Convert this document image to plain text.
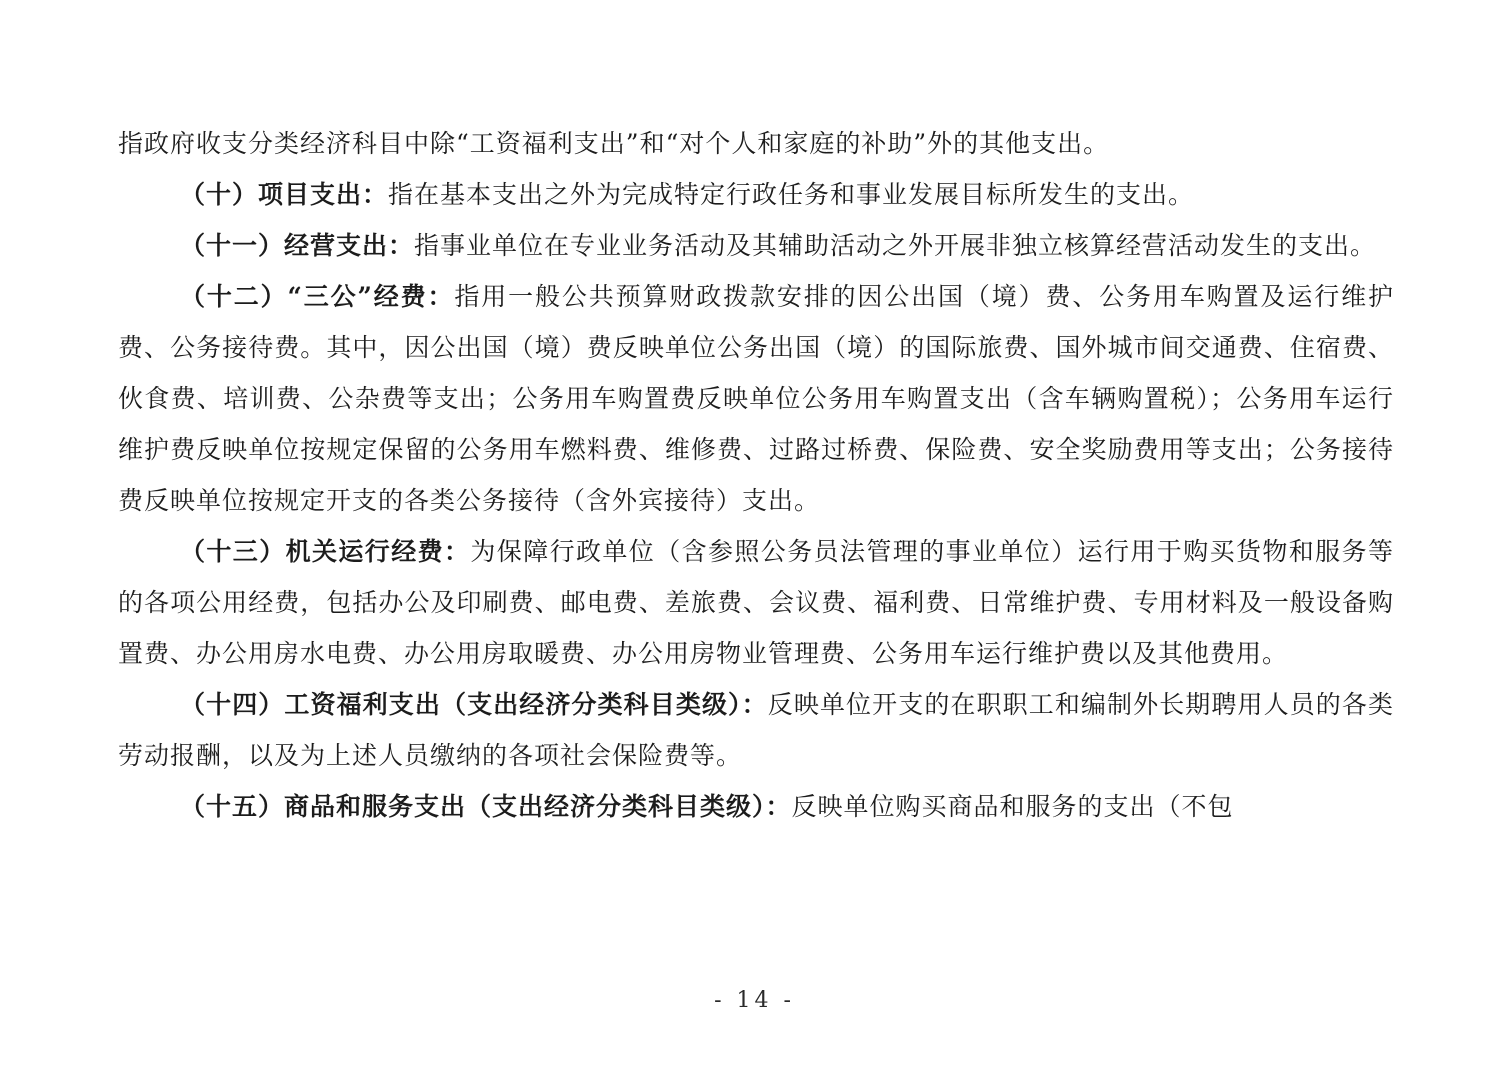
指政府收支分类经济科目中除“工资福利支出”和“对个人和家庭的补助”外的其他支出。

（十）项目支出：指在基本支出之外为完成特定行政任务和事业发展目标所发生的支出。

（十一）经营支出：指事业单位在专业业务活动及其辅助活动之外开展非独立核算经营活动发生的支出。

（十二）“三公”经费：指用一般公共预算财政拨款安排的因公出国（境）费、公务用车购置及运行维护费、公务接待费。其中，因公出国（境）费反映单位公务出国（境）的国际旅费、国外城市间交通费、住宿费、伙食费、培训费、公杂费等支出；公务用车购置费反映单位公务用车购置支出（含车辆购置税）；公务用车运行维护费反映单位按规定保留的公务用车燃料费、维修费、过路过桥费、保险费、安全奖励费用等支出；公务接待费反映单位按规定开支的各类公务接待（含外宾接待）支出。

（十三）机关运行经费：为保障行政单位（含参照公务员法管理的事业单位）运行用于购买货物和服务等的各项公用经费，包括办公及印刷费、邮电费、差旅费、会议费、福利费、日常维护费、专用材料及一般设备购置费、办公用房水电费、办公用房取暖费、办公用房物业管理费、公务用车运行维护费以及其他费用。

（十四）工资福利支出（支出经济分类科目类级）：反映单位开支的在职职工和编制外长期聘用人员的各类劳动报酬，以及为上述人员缴纳的各项社会保险费等。

（十五）商品和服务支出（支出经济分类科目类级）：反映单位购买商品和服务的支出（不包

- 14 -
